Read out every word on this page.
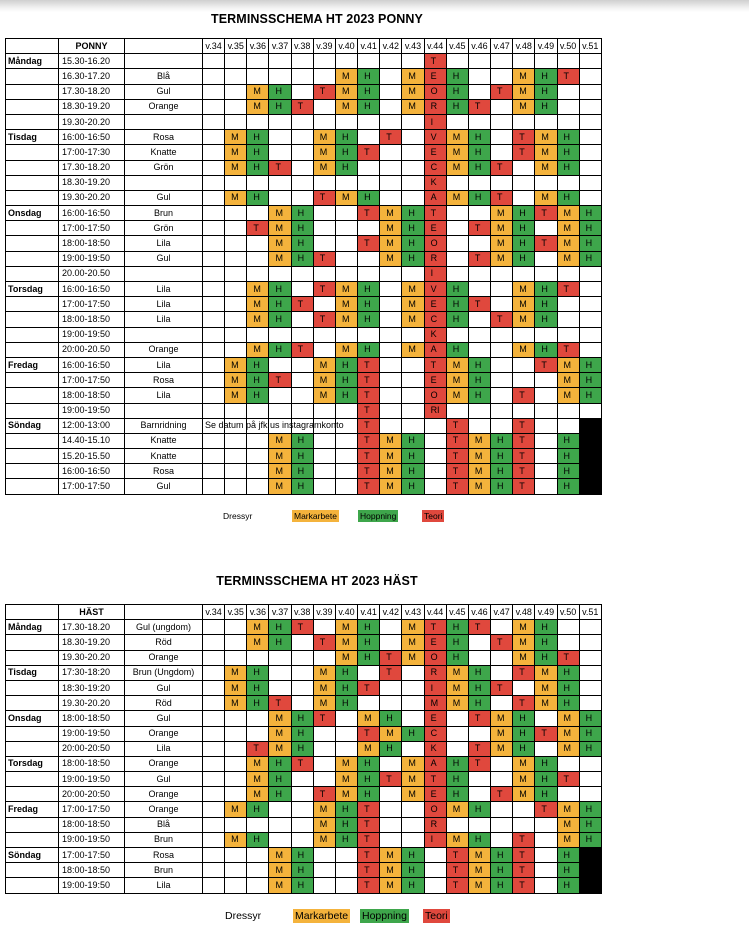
TERMINSSCHEMA HT 2023 PONNY
	PONNY		v.34	v.35	v.36	v.37	v.38	v.39	v.40	v.41	v.42	v.43	v.44	v.45	v.46	v.47	v.48	v.49	v.50	v.51
Måndag	15.30-16.20												T							
	16.30-17.20	Blå							M	H		M	E	H			M	H	T	
	17.30-18.20	Gul			M	H		T	M	H		M	O	H		T	M	H		
	18.30-19.20	Orange			M	H	T		M	H		M	R	H	T		M	H		
	19.30-20.20												I							
Tisdag	16:00-16:50	Rosa		M	H			M	H		T		V	M	H		T	M	H	
	17:00-17:30	Knatte		M	H			M	H	T			E	M	H		T	M	H	
	17.30-18.20	Grön		M	H	T		M	H				C	M	H	T		M	H	
	18.30-19.20												K							
	19.30-20.20	Gul		M	H			T	M	H			A	M	H	T		M	H	
Onsdag	16:00-16:50	Brun				M	H			T	M	H	T			M	H	T	M	H
	17:00-17:50	Grön			T	M	H				M	H	E		T	M	H		M	H
	18:00-18:50	Lila				M	H			T	M	H	O			M	H	T	M	H
	19:00-19:50	Gul				M	H	T			M	H	R		T	M	H		M	H
	20.00-20.50												I							
Torsdag	16:00-16:50	Lila			M	H		T	M	H		M	V	H			M	H	T	
	17:00-17:50	Lila			M	H	T		M	H		M	E	H	T		M	H		
	18:00-18:50	Lila			M	H		T	M	H		M	C	H		T	M	H		
	19:00-19:50												K							
	20:00-20.50	Orange			M	H	T		M	H		M	A	H			M	H	T	
Fredag	16:00-16:50	Lila		M	H			M	H	T			T	M	H			T	M	H
	17:00-17:50	Rosa		M	H	T		M	H	T			E	M	H				M	H
	18:00-18:50	Lila		M	H			M	H	T			O	M	H		T		M	H
	19:00-19:50									T			RI							
Söndag	12:00-13:00	Barnridning	Se datum på jfk us instagramkonto							T				T			T			
	14.40-15.10	Knatte				M	H			T	M	H		T	M	H	T		H	
	15.20-15.50	Knatte				M	H			T	M	H		T	M	H	T		H	
	16:00-16:50	Rosa				M	H			T	M	H		T	M	H	T		H	
	17:00-17:50	Gul				M	H			T	M	H		T	M	H	T		H	
Dressyr	Markarbete	Hoppning	Teori
TERMINSSCHEMA HT 2023 HÄST
	HÄST		v.34	v.35	v.36	v.37	v.38	v.39	v.40	v.41	v.42	v.43	v.44	v.45	v.46	v.47	v.48	v.49	v.50	v.51
Måndag	17.30-18.20	Gul (ungdom)			M	H	T		M	H		M	T	H	T		M	H		
	18.30-19.20	Röd			M	H		T	M	H		M	E	H		T	M	H		
	19.30-20.20	Orange							M	H	T	M	O	H			M	H	T	
Tisdag	17:30-18:20	Brun (Ungdom)		M	H			M	H		T		R	M	H		T	M	H	
	18:30-19:20	Gul		M	H			M	H	T			I	M	H	T		M	H	
	19.30-20.20	Röd		M	H	T		M	H				M	M	H		T	M	H	
Onsdag	18:00-18:50	Gul				M	H	T		M	H		E		T	M	H		M	H
	19:00-19:50	Orange				M	H			T	M	H	C			M	H	T	M	H
	20:00-20:50	Lila			T	M	H			M	H		K		T	M	H		M	H
Torsdag	18:00-18:50	Orange			M	H	T		M	H		M	A	H	T		M	H		
	19:00-19:50	Gul			M	H			M	H	T	M	T	H			M	H	T	
	20:00-20:50	Orange			M	H		T	M	H		M	E	H		T	M	H		
Fredag	17:00-17:50	Orange		M	H			M	H	T			O	M	H			T	M	H
	18:00-18:50	Blå						M	H	T			R						M	H
	19:00-19:50	Brun		M	H			M	H	T			I	M	H		T		M	H
Söndag	17:00-17:50	Rosa				M	H			T	M	H		T	M	H	T		H	
	18:00-18:50	Brun				M	H			T	M	H		T	M	H	T		H	
	19:00-19:50	Lila				M	H			T	M	H		T	M	H	T		H	
Dressyr	Markarbete Hoppning Teori
